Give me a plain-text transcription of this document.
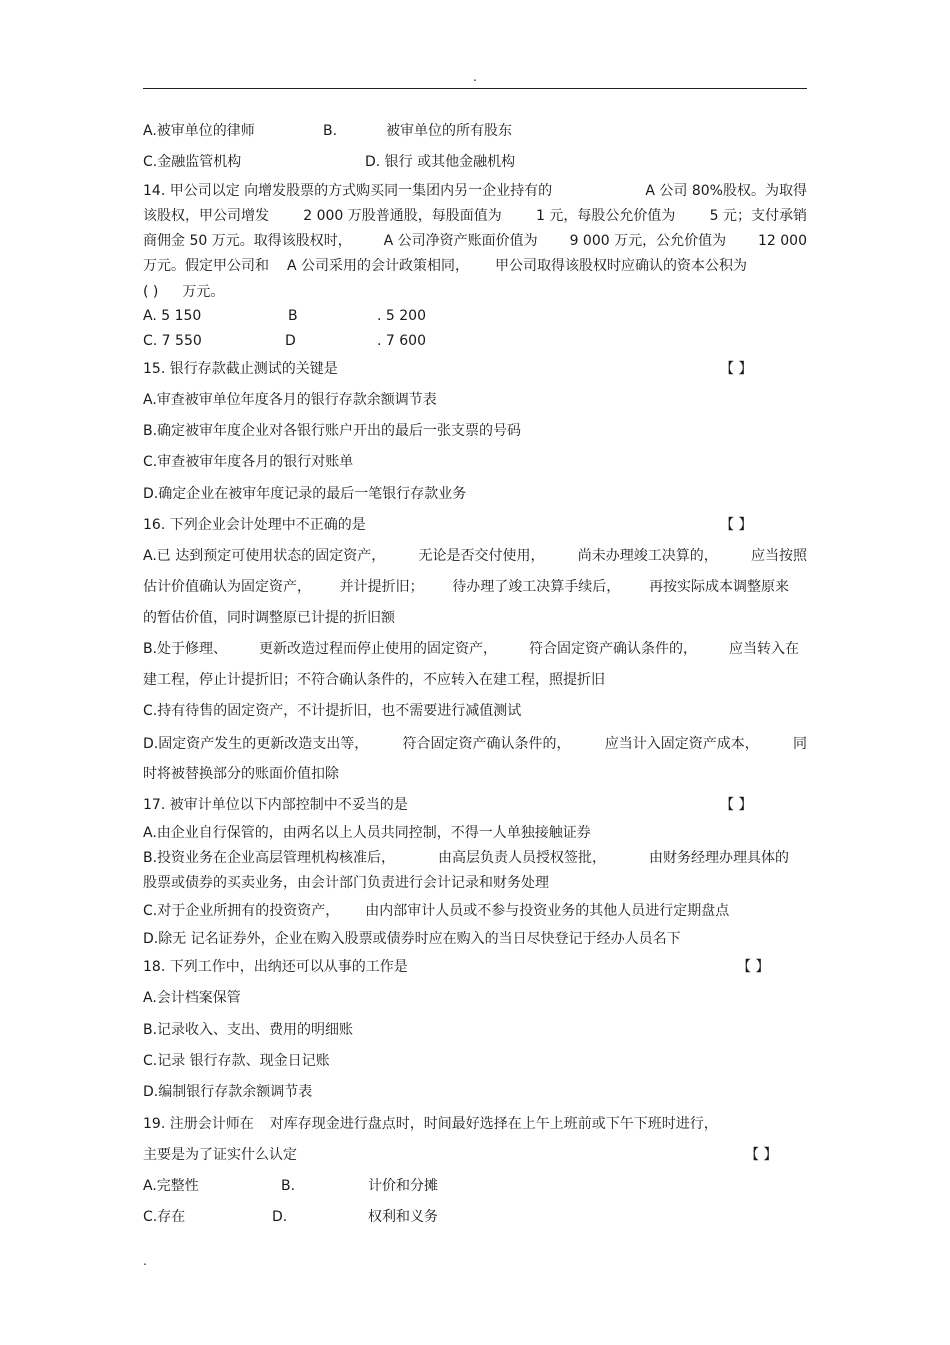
.
A.被审单位的律师	B.	被审单位的所有股东
C.金融监管机构	D. 银行 或其他金融机构
14. 甲公司以定 向增发股票的方式购买同一集团内另一企业持有的	A 公司 80%股权。为取得
该股权，甲公司增发 2 000 万股普通股，每股面值为 1 元，每股公允价值为 5 元；支付承销
商佣金 50 万元。取得该股权时， A 公司净资产账面价值为 9 000 万元，公允价值为 12 000
万元。假定甲公司和 A 公司采用的会计政策相同， 甲公司取得该股权时应确认的资本公积为
( ) 万元。
A. 5 150	B	. 5 200
C. 7 550	D	. 7 600
15. 银行存款截止测试的关键是	【 】
A.审查被审单位年度各月的银行存款余额调节表
B.确定被审年度企业对各银行账户开出的最后一张支票的号码
C.审查被审年度各月的银行对账单
D.确定企业在被审年度记录的最后一笔银行存款业务
16. 下列企业会计处理中不正确的是	【 】
A.已 达到预定可使用状态的固定资产， 无论是否交付使用， 尚未办理竣工决算的， 应当按照
估计价值确认为固定资产， 并计提折旧； 待办理了竣工决算手续后， 再按实际成本调整原来
的暂估价值，同时调整原已计提的折旧额
B.处于修理、 更新改造过程而停止使用的固定资产， 符合固定资产确认条件的， 应当转入在
建工程，停止计提折旧；不符合确认条件的，不应转入在建工程，照提折旧
C.持有待售的固定资产，不计提折旧，也不需要进行减值测试
D.固定资产发生的更新改造支出等， 符合固定资产确认条件的， 应当计入固定资产成本， 同
时将被替换部分的账面价值扣除
17. 被审计单位以下内部控制中不妥当的是	【 】
A.由企业自行保管的，由两名以上人员共同控制，不得一人单独接触证券
B.投资业务在企业高层管理机构核准后，	由高层负责人员授权签批，	由财务经理办理具体的
股票或债券的买卖业务，由会计部门负责进行会计记录和财务处理
C.对于企业所拥有的投资资产， 由内部审计人员或不参与投资业务的其他人员进行定期盘点
D.除无 记名证券外，企业在购入股票或债券时应在购入的当日尽快登记于经办人员名下
18. 下列工作中，出纳还可以从事的工作是	【 】
A.会计档案保管
B.记录收入、支出、费用的明细账
C.记录 银行存款、现金日记账
D.编制银行存款余额调节表
19. 注册会计师在 对库存现金进行盘点时，时间最好选择在上午上班前或下午下班时进行，
主要是为了证实什么认定	【 】
A.完整性	B.	计价和分摊
C.存在	D.	权利和义务
.
